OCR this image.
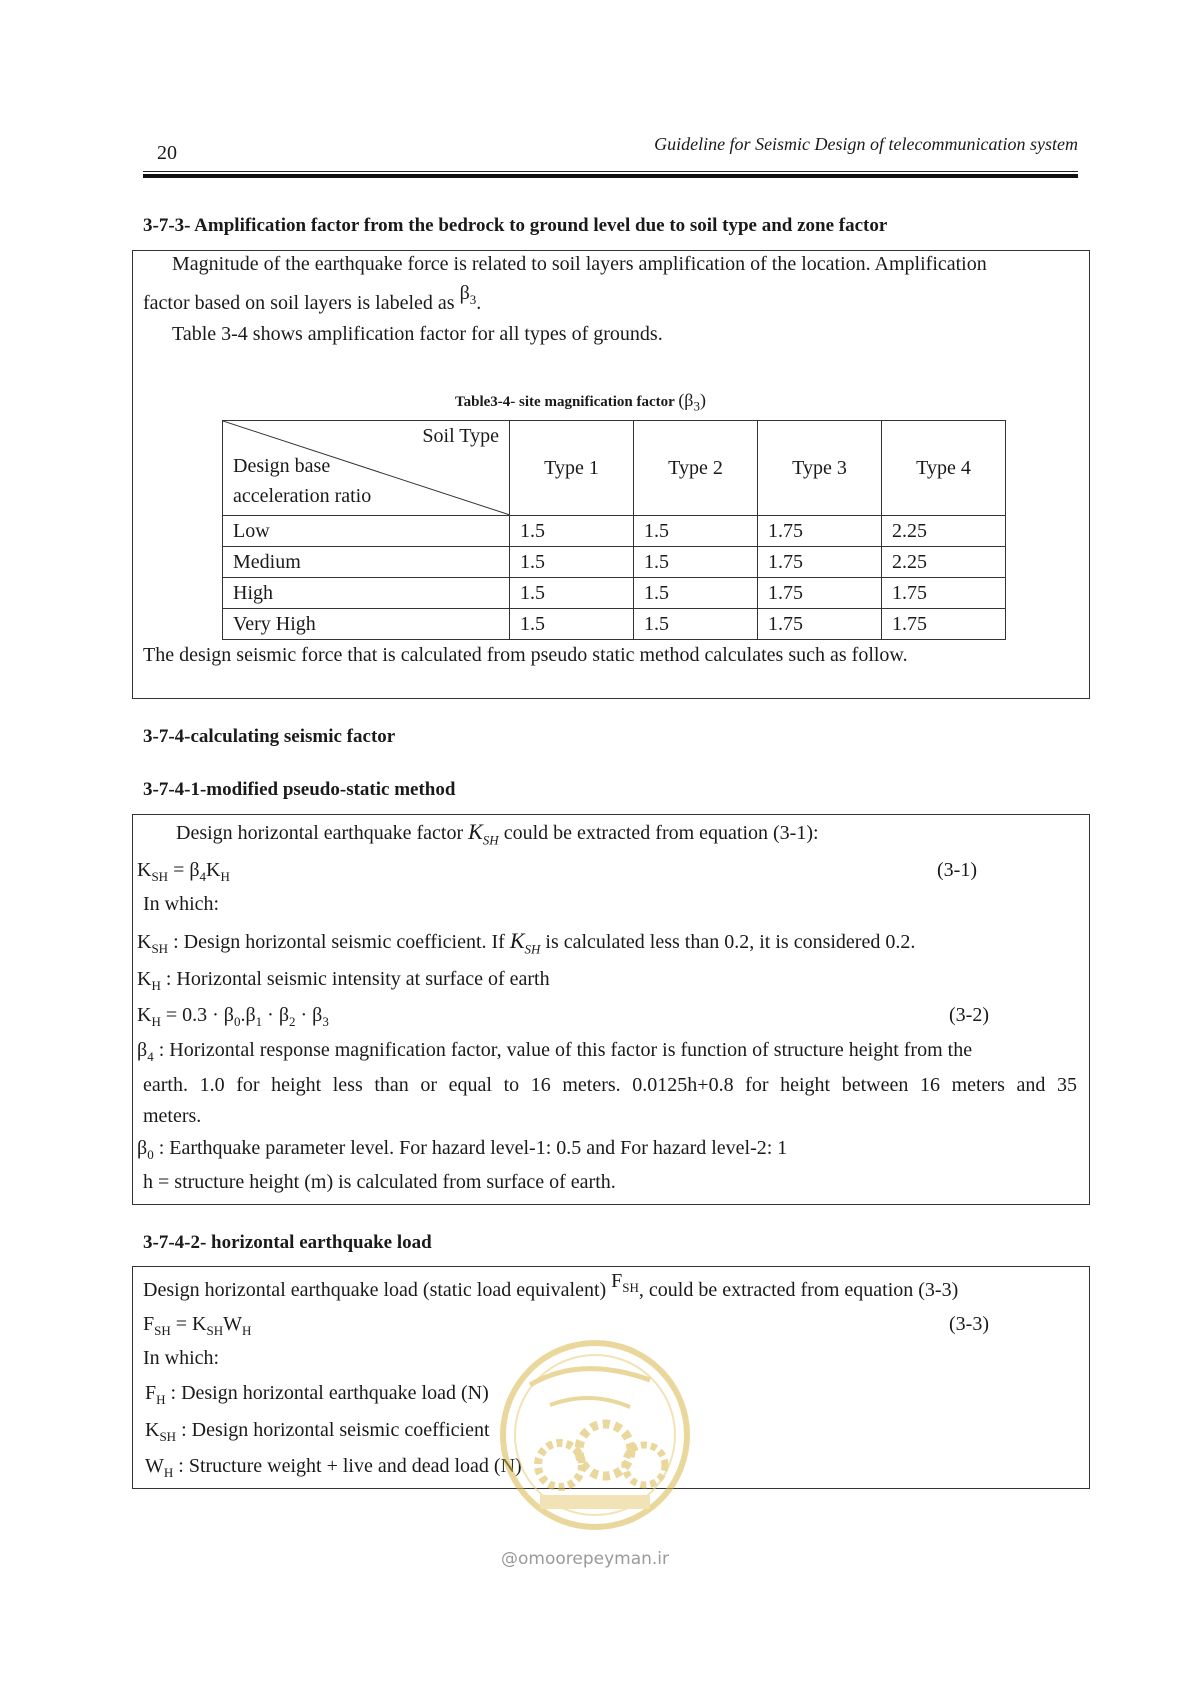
20	Guideline for Seismic Design of telecommunication system
3-7-3- Amplification factor from the bedrock to ground level due to soil type and zone factor
Magnitude of the earthquake force is related to soil layers amplification of the location. Amplification
factor based on soil layers is labeled as $\beta_3$.
Table 3-4 shows amplification factor for all types of grounds.
The design seismic force that is calculated from pseudo static method calculates such as follow.
Table3-4- site magnification factor $(\beta_3)$
Soil Type
Design base
acceleration ratio	Type 1	Type 2	Type 3	Type 4
Low	1.5	1.5	1.75	2.25
Medium	1.5	1.5	1.75	2.25
High	1.5	1.5	1.75	1.75
Very High	1.5	1.5	1.75	1.75
3-7-4-calculating seismic factor
3-7-4-1-modified pseudo-static method
Design horizontal earthquake factor $K_{SH}$ could be extracted from equation (3-1):
$K_{SH} = \beta_4K_H$	(3-1)
In which:
$K_{SH}$ : Design horizontal seismic coefficient. If $K_{SH}$ is calculated less than 0.2, it is considered 0.2.
$K_H$ : Horizontal seismic intensity at surface of earth
$K_H = 0.3 \cdot \beta_0.\beta_1 \cdot \beta_2 \cdot \beta_3$	(3-2)
$\beta_4$ : Horizontal response magnification factor, value of this factor is function of structure height from the
earth. 1.0 for height less than or equal to 16 meters. 0.0125h+0.8 for height between 16 meters and 35
meters.
$\beta_0$ : Earthquake parameter level. For hazard level-1: 0.5 and For hazard level-2: 1
h = structure height (m) is calculated from surface of earth.
3-7-4-2- horizontal earthquake load
Design horizontal earthquake load (static load equivalent) $F_{SH}$, could be extracted from equation (3-3)
$F_{SH} = K_{SH}W_H$	(3-3)
In which:
$F_H$ : Design horizontal earthquake load (N)
$K_{SH}$ : Design horizontal seismic coefficient
$W_H$ : Structure weight + live and dead load (N)
@omoorepeyman.ir
